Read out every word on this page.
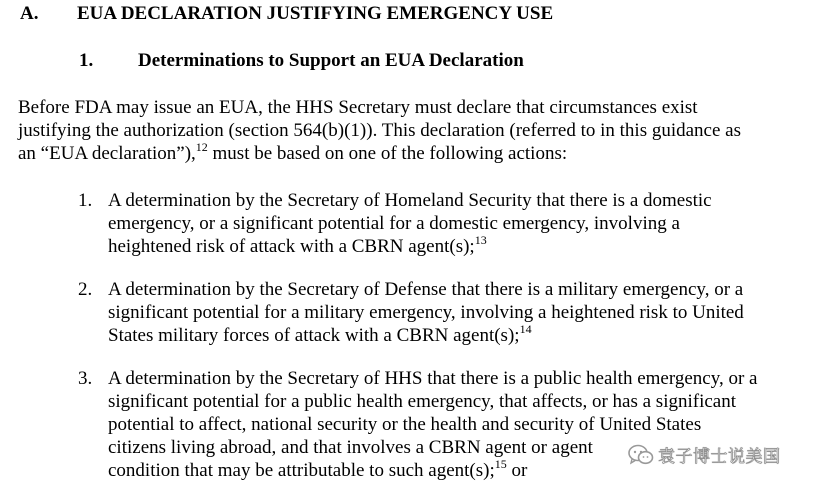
A. EUA DECLARATION JUSTIFYING EMERGENCY USE
1. Determinations to Support an EUA Declaration
Before FDA may issue an EUA, the HHS Secretary must declare that circumstances exist
justifying the authorization (section 564(b)(1)). This declaration (referred to in this guidance as
an “EUA declaration”),$^{12}$ must be based on one of the following actions:
1. A determination by the Secretary of Homeland Security that there is a domestic
emergency, or a significant potential for a domestic emergency, involving a
heightened risk of attack with a CBRN agent(s);$^{13}$
2. A determination by the Secretary of Defense that there is a military emergency, or a
significant potential for a military emergency, involving a heightened risk to United
States military forces of attack with a CBRN agent(s);$^{14}$
3. A determination by the Secretary of HHS that there is a public health emergency, or a
significant potential for a public health emergency, that affects, or has a significant
potential to affect, national security or the health and security of United States
citizens living abroad, and that involves a CBRN agent or agent
condition that may be attributable to such agent(s);$^{15}$ or
袁子博士说美国
